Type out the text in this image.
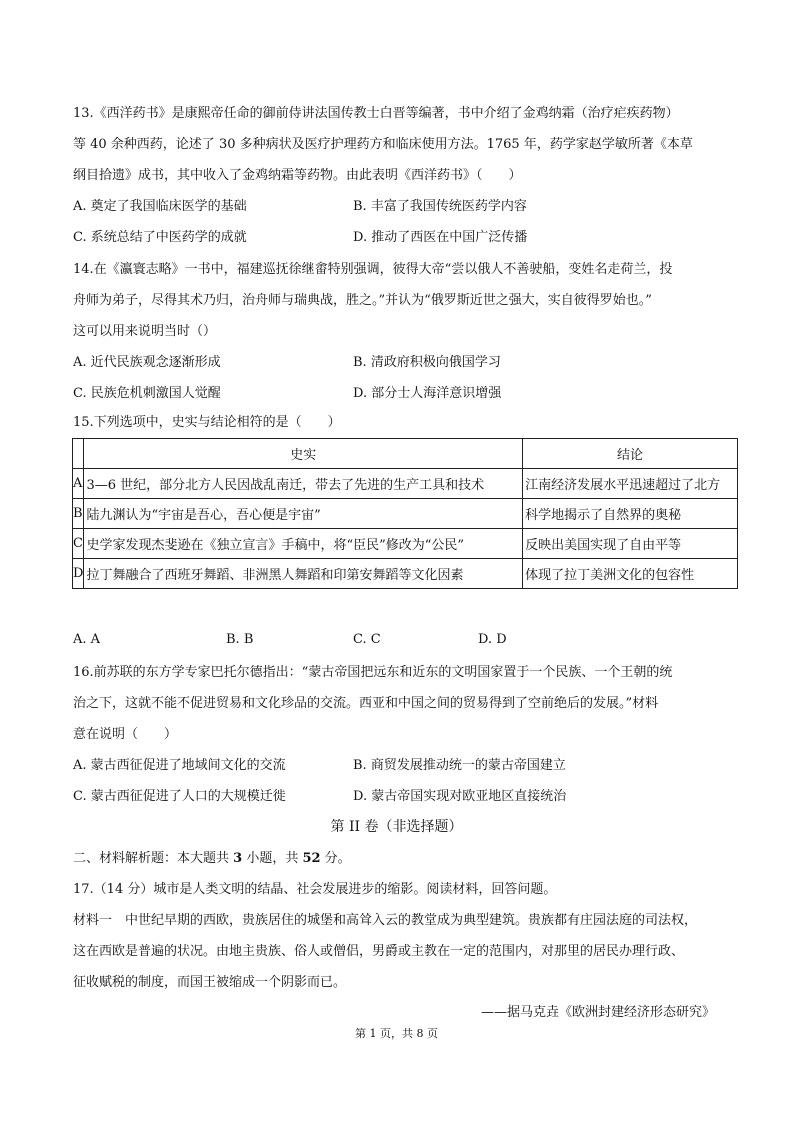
13.《西洋药书》是康熙帝任命的御前侍讲法国传教士白晋等编著，书中介绍了金鸡纳霜（治疗疟疾药物）
等 40 余种西药，论述了 30 多种病状及医疗护理药方和临床使用方法。1765 年，药学家赵学敏所著《本草
纲目拾遗》成书，其中收入了金鸡纳霜等药物。由此表明《西洋药书》（　　）
A. 奠定了我国临床医学的基础	B. 丰富了我国传统医药学内容
C. 系统总结了中医药学的成就	D. 推动了西医在中国广泛传播
14.在《瀛寰志略》一书中，福建巡抚徐继畬特别强调，彼得大帝“尝以俄人不善驶船，变姓名走荷兰，投
舟师为弟子，尽得其术乃归，治舟师与瑞典战，胜之。”并认为“俄罗斯近世之强大，实自彼得罗始也。”
这可以用来说明当时（）
A. 近代民族观念逐渐形成	B. 清政府积极向俄国学习
C. 民族危机刺激国人觉醒	D. 部分士人海洋意识增强
15.下列选项中，史实与结论相符的是（　　）
	史实	结论
A	3—6 世纪，部分北方人民因战乱南迁，带去了先进的生产工具和技术	江南经济发展水平迅速超过了北方
B	陆九渊认为“宇宙是吾心，吾心便是宇宙”	科学地揭示了自然界的奥秘
C	史学家发现杰斐逊在《独立宣言》手稿中，将“臣民”修改为“公民”	反映出美国实现了自由平等
D	拉丁舞融合了西班牙舞蹈、非洲黑人舞蹈和印第安舞蹈等文化因素	体现了拉丁美洲文化的包容性
A. A	B. B	C. C	D. D
16.前苏联的东方学专家巴托尔德指出：“蒙古帝国把远东和近东的文明国家置于一个民族、一个王朝的统
治之下，这就不能不促进贸易和文化珍品的交流。西亚和中国之间的贸易得到了空前绝后的发展。”材料
意在说明（　　）
A. 蒙古西征促进了地域间文化的交流	B. 商贸发展推动统一的蒙古帝国建立
C. 蒙古西征促进了人口的大规模迁徙	D. 蒙古帝国实现对欧亚地区直接统治
第 II 卷（非选择题）
二、材料解析题：本大题共 3 小题，共 52 分。
17.（14 分）城市是人类文明的结晶、社会发展进步的缩影。阅读材料，回答问题。
材料一　中世纪早期的西欧，贵族居住的城堡和高耸入云的教堂成为典型建筑。贵族都有庄园法庭的司法权，
这在西欧是普遍的状况。由地主贵族、俗人或僧侣，男爵或主教在一定的范围内，对那里的居民办理行政、
征收赋税的制度，而国王被缩成一个阴影而已。
——据马克垚《欧洲封建经济形态研究》
第 1 页，共 8 页
